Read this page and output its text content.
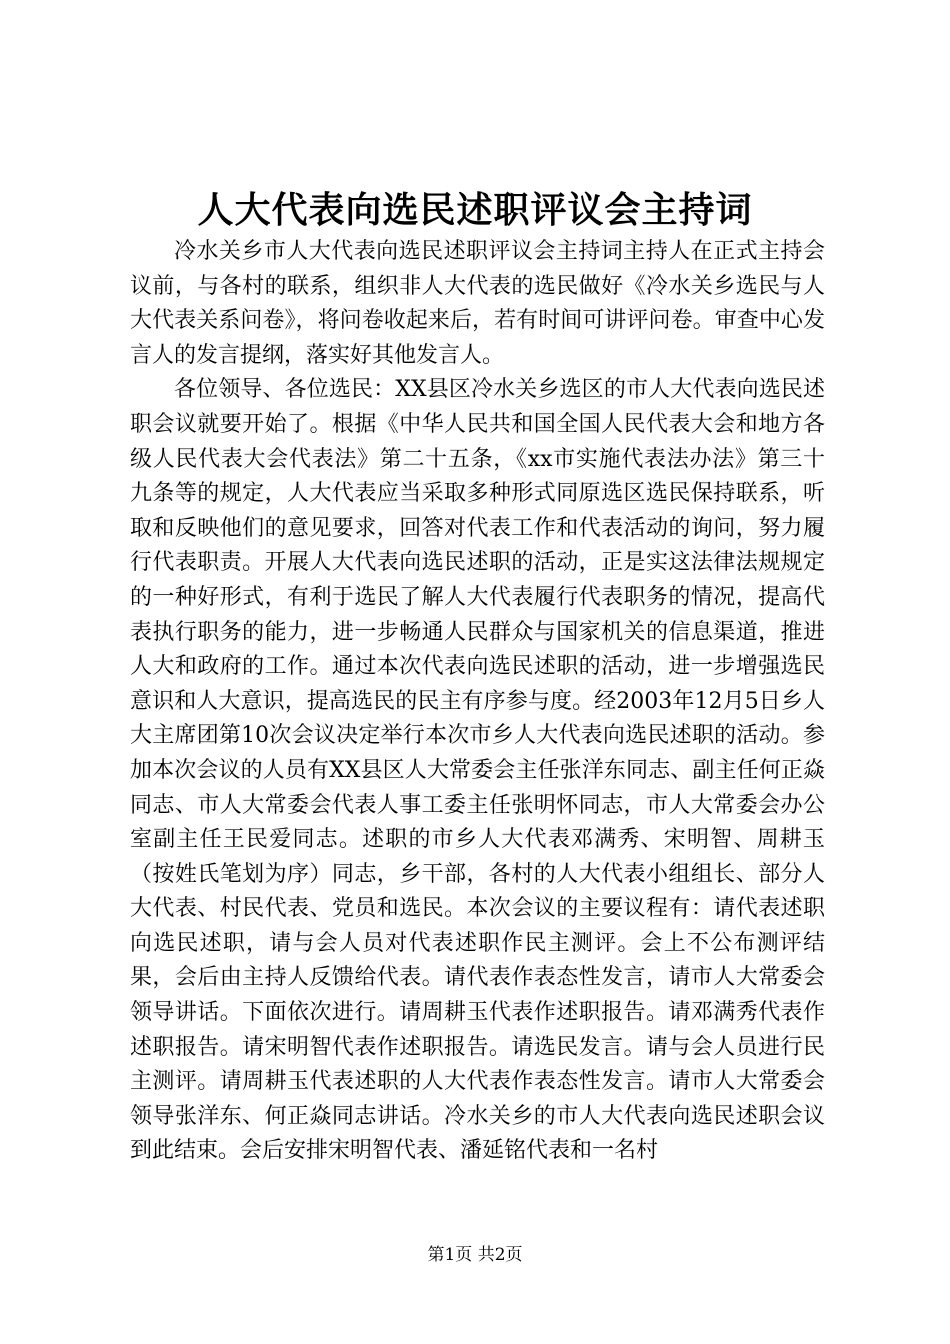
人大代表向选民述职评议会主持词

冷水关乡市人大代表向选民述职评议会主持词主持人在正式主持会议前，与各村的联系，组织非人大代表的选民做好《冷水关乡选民与人大代表关系问卷》，将问卷收起来后，若有时间可讲评问卷。审查中心发言人的发言提纲，落实好其他发言人。

各位领导、各位选民：XX县区冷水关乡选区的市人大代表向选民述职会议就要开始了。根据《中华人民共和国全国人民代表大会和地方各级人民代表大会代表法》第二十五条，《xx市实施代表法办法》第三十九条等的规定，人大代表应当采取多种形式同原选区选民保持联系，听取和反映他们的意见要求，回答对代表工作和代表活动的询问，努力履行代表职责。开展人大代表向选民述职的活动，正是实这法律法规规定的一种好形式，有利于选民了解人大代表履行代表职务的情况，提高代表执行职务的能力，进一步畅通人民群众与国家机关的信息渠道，推进人大和政府的工作。通过本次代表向选民述职的活动，进一步增强选民意识和人大意识，提高选民的民主有序参与度。经2003年12月5日乡人大主席团第10次会议决定举行本次市乡人大代表向选民述职的活动。参加本次会议的人员有XX县区人大常委会主任张洋东同志、副主任何正焱同志、市人大常委会代表人事工委主任张明怀同志，市人大常委会办公室副主任王民爱同志。述职的市乡人大代表邓满秀、宋明智、周耕玉（按姓氏笔划为序）同志，乡干部，各村的人大代表小组组长、部分人大代表、村民代表、党员和选民。本次会议的主要议程有：请代表述职向选民述职，请与会人员对代表述职作民主测评。会上不公布测评结果，会后由主持人反馈给代表。请代表作表态性发言，请市人大常委会领导讲话。下面依次进行。请周耕玉代表作述职报告。请邓满秀代表作述职报告。请宋明智代表作述职报告。请选民发言。请与会人员进行民主测评。请周耕玉代表述职的人大代表作表态性发言。请市人大常委会领导张洋东、何正焱同志讲话。冷水关乡的市人大代表向选民述职会议到此结束。会后安排宋明智代表、潘延铭代表和一名村

第1页 共2页
